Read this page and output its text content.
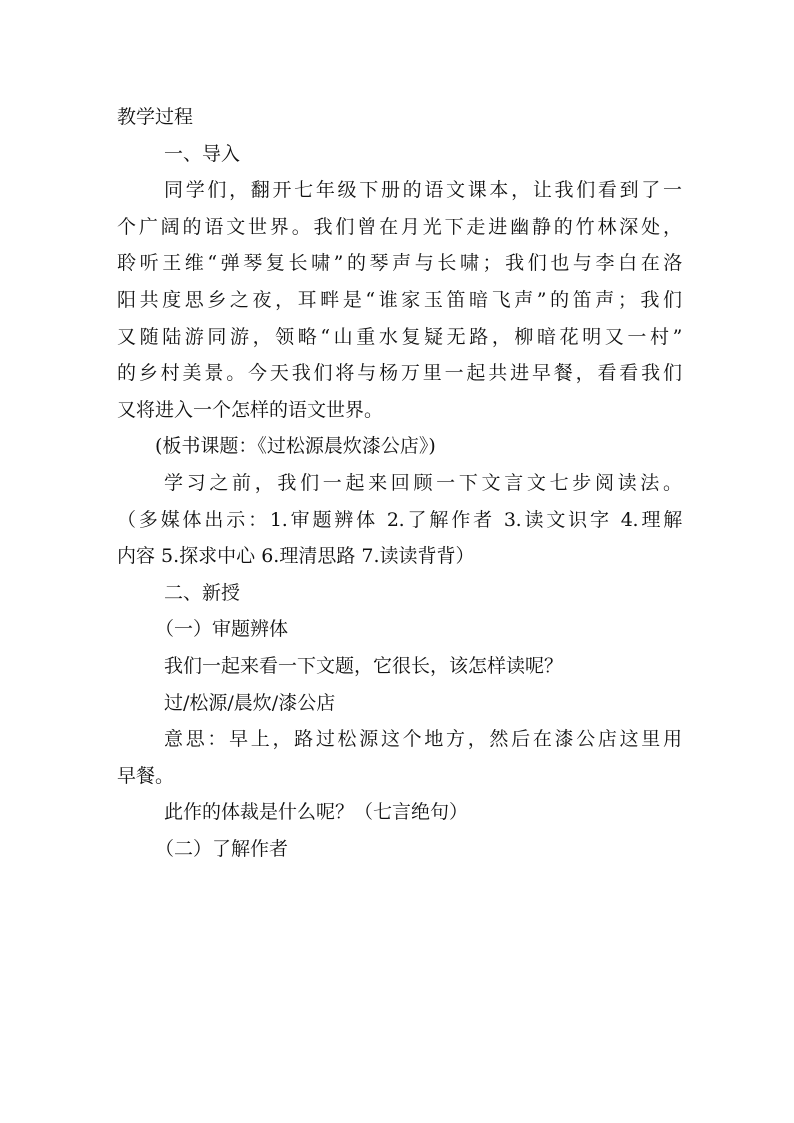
教学过程
一、导入
同学们，翻开七年级下册的语文课本，让我们看到了一
个广阔的语文世界。我们曾在月光下走进幽静的竹林深处，
聆听王维“弹琴复长啸”的琴声与长啸；我们也与李白在洛
阳共度思乡之夜，耳畔是“谁家玉笛暗飞声”的笛声；我们
又随陆游同游，领略“山重水复疑无路，柳暗花明又一村”
的乡村美景。今天我们将与杨万里一起共进早餐，看看我们
又将进入一个怎样的语文世界。
(板书课题：《过松源晨炊漆公店》)
学习之前，我们一起来回顾一下文言文七步阅读法。
（多媒体出示：1.审题辨体 2.了解作者 3.读文识字 4.理解
内容 5.探求中心 6.理清思路 7.读读背背）
二、新授
（一）审题辨体
我们一起来看一下文题，它很长，该怎样读呢？
过/松源/晨炊/漆公店
意思：早上，路过松源这个地方，然后在漆公店这里用
早餐。
此作的体裁是什么呢？（七言绝句）
（二）了解作者
